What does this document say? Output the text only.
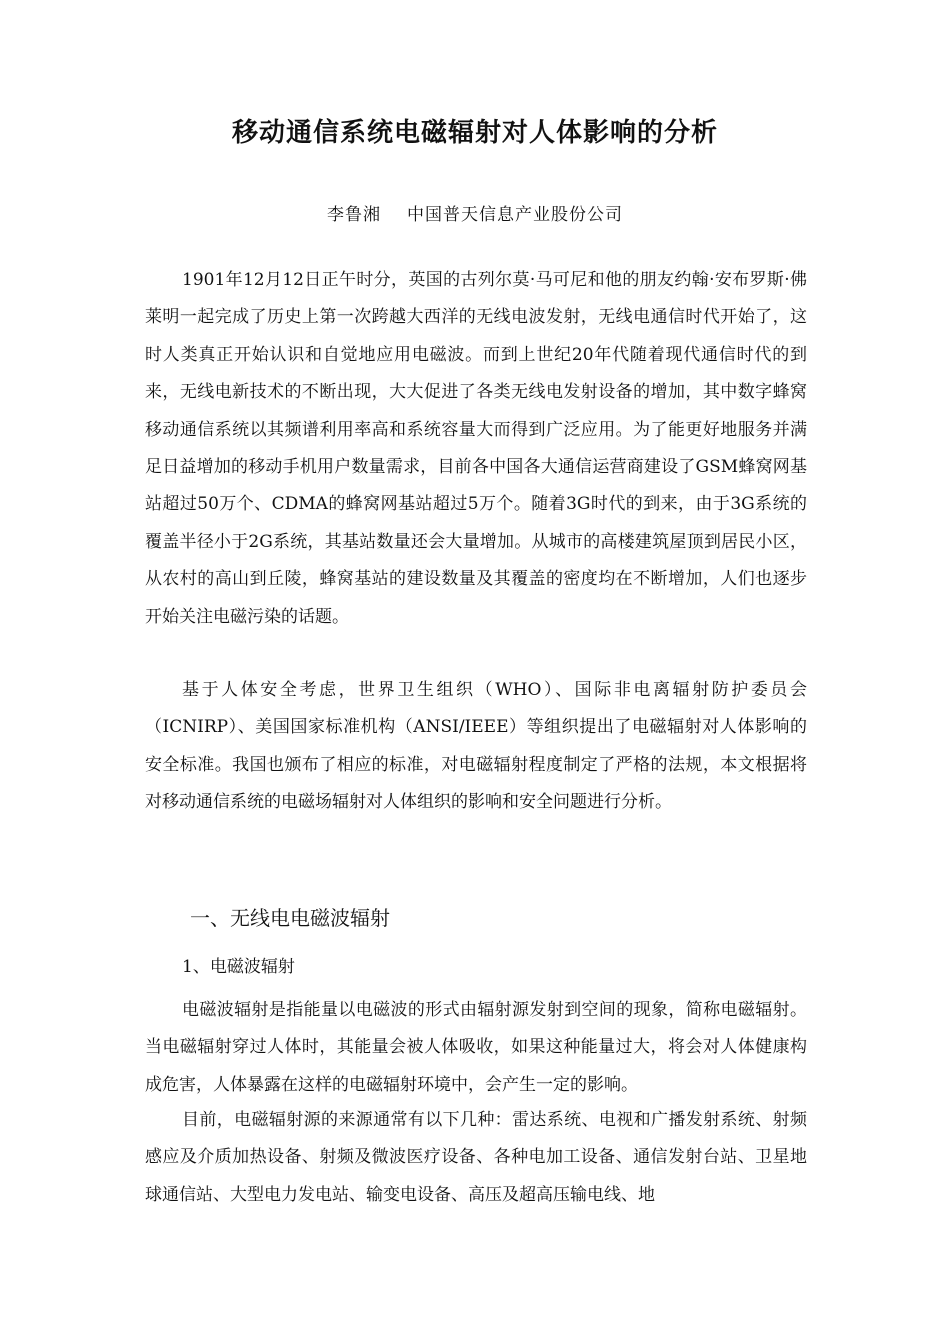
移动通信系统电磁辐射对人体影响的分析

李鲁湘 中国普天信息产业股份公司

1901年12月12日正午时分，英国的古列尔莫·马可尼和他的朋友约翰·安布罗斯·佛莱明一起完成了历史上第一次跨越大西洋的无线电波发射，无线电通信时代开始了，这时人类真正开始认识和自觉地应用电磁波。而到上世纪20年代随着现代通信时代的到来，无线电新技术的不断出现，大大促进了各类无线电发射设备的增加，其中数字蜂窝移动通信系统以其频谱利用率高和系统容量大而得到广泛应用。为了能更好地服务并满足日益增加的移动手机用户数量需求，目前各中国各大通信运营商建设了GSM蜂窝网基站超过50万个、CDMA的蜂窝网基站超过5万个。随着3G时代的到来，由于3G系统的覆盖半径小于2G系统，其基站数量还会大量增加。从城市的高楼建筑屋顶到居民小区，从农村的高山到丘陵，蜂窝基站的建设数量及其覆盖的密度均在不断增加，人们也逐步开始关注电磁污染的话题。

基于人体安全考虑，世界卫生组织（WHO）、国际非电离辐射防护委员会（ICNIRP）、美国国家标准机构（ANSI/IEEE）等组织提出了电磁辐射对人体影响的安全标准。我国也颁布了相应的标准，对电磁辐射程度制定了严格的法规，本文根据将对移动通信系统的电磁场辐射对人体组织的影响和安全问题进行分析。

一、无线电电磁波辐射

1、电磁波辐射

电磁波辐射是指能量以电磁波的形式由辐射源发射到空间的现象，简称电磁辐射。当电磁辐射穿过人体时，其能量会被人体吸收，如果这种能量过大，将会对人体健康构成危害，人体暴露在这样的电磁辐射环境中，会产生一定的影响。

目前，电磁辐射源的来源通常有以下几种：雷达系统、电视和广播发射系统、射频感应及介质加热设备、射频及微波医疗设备、各种电加工设备、通信发射台站、卫星地球通信站、大型电力发电站、输变电设备、高压及超高压输电线、地
